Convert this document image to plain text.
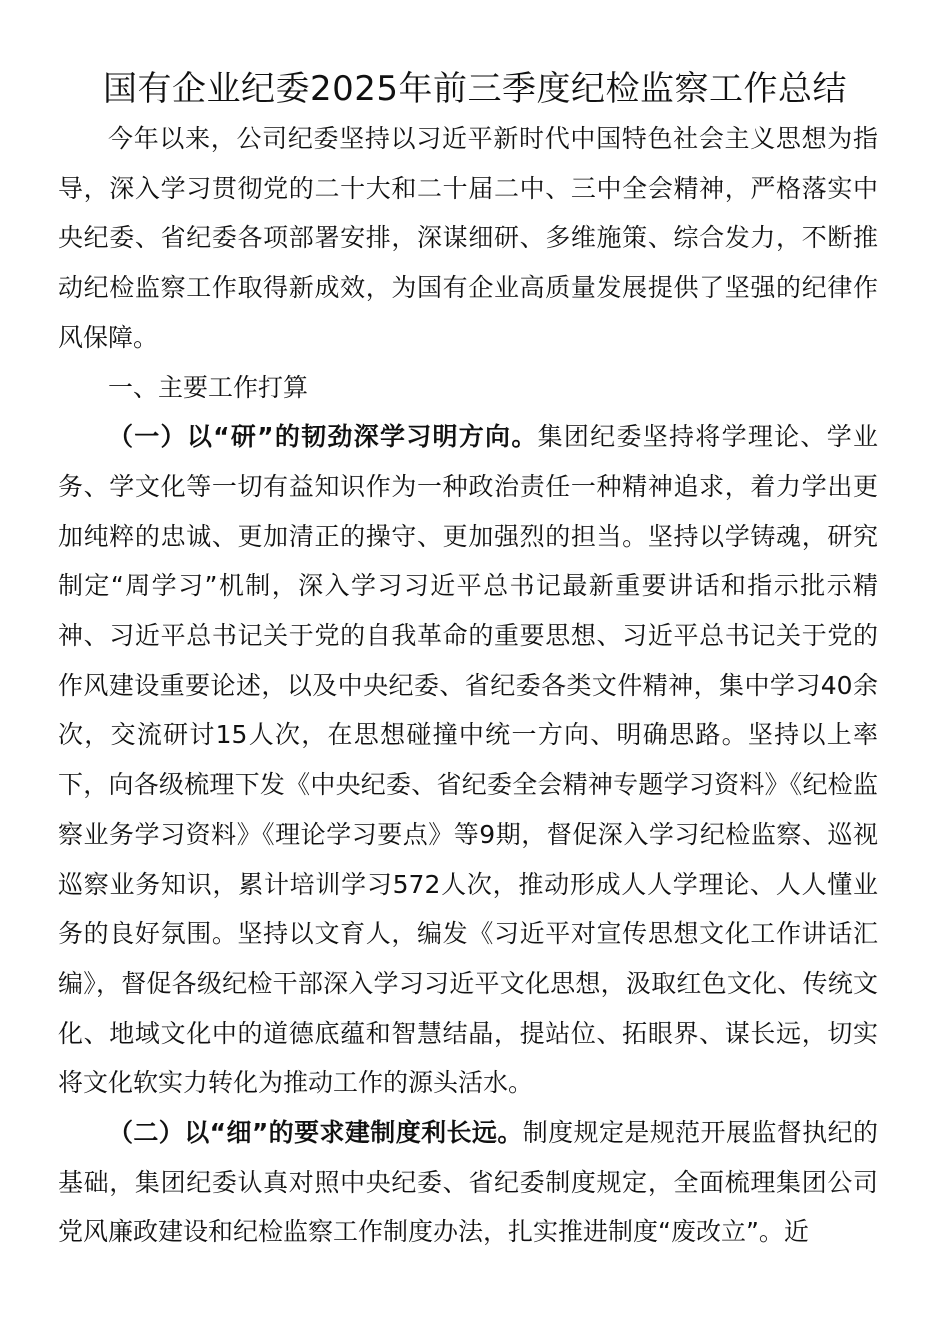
国有企业纪委2025年前三季度纪检监察工作总结

今年以来，公司纪委坚持以习近平新时代中国特色社会主义思想为指导，深入学习贯彻党的二十大和二十届二中、三中全会精神，严格落实中央纪委、省纪委各项部署安排，深谋细研、多维施策、综合发力，不断推动纪检监察工作取得新成效，为国有企业高质量发展提供了坚强的纪律作风保障。

一、主要工作打算

（一）以“研”的韧劲深学习明方向。集团纪委坚持将学理论、学业务、学文化等一切有益知识作为一种政治责任一种精神追求，着力学出更加纯粹的忠诚、更加清正的操守、更加强烈的担当。坚持以学铸魂，研究制定“周学习”机制，深入学习习近平总书记最新重要讲话和指示批示精神、习近平总书记关于党的自我革命的重要思想、习近平总书记关于党的作风建设重要论述，以及中央纪委、省纪委各类文件精神，集中学习40余次，交流研讨15人次，在思想碰撞中统一方向、明确思路。坚持以上率下，向各级梳理下发《中央纪委、省纪委全会精神专题学习资料》《纪检监察业务学习资料》《理论学习要点》等9期，督促深入学习纪检监察、巡视巡察业务知识，累计培训学习572人次，推动形成人人学理论、人人懂业务的良好氛围。坚持以文育人，编发《习近平对宣传思想文化工作讲话汇编》，督促各级纪检干部深入学习习近平文化思想，汲取红色文化、传统文化、地域文化中的道德底蕴和智慧结晶，提站位、拓眼界、谋长远，切实将文化软实力转化为推动工作的源头活水。

（二）以“细”的要求建制度利长远。制度规定是规范开展监督执纪的基础，集团纪委认真对照中央纪委、省纪委制度规定，全面梳理集团公司党风廉政建设和纪检监察工作制度办法，扎实推进制度“废改立”。近
